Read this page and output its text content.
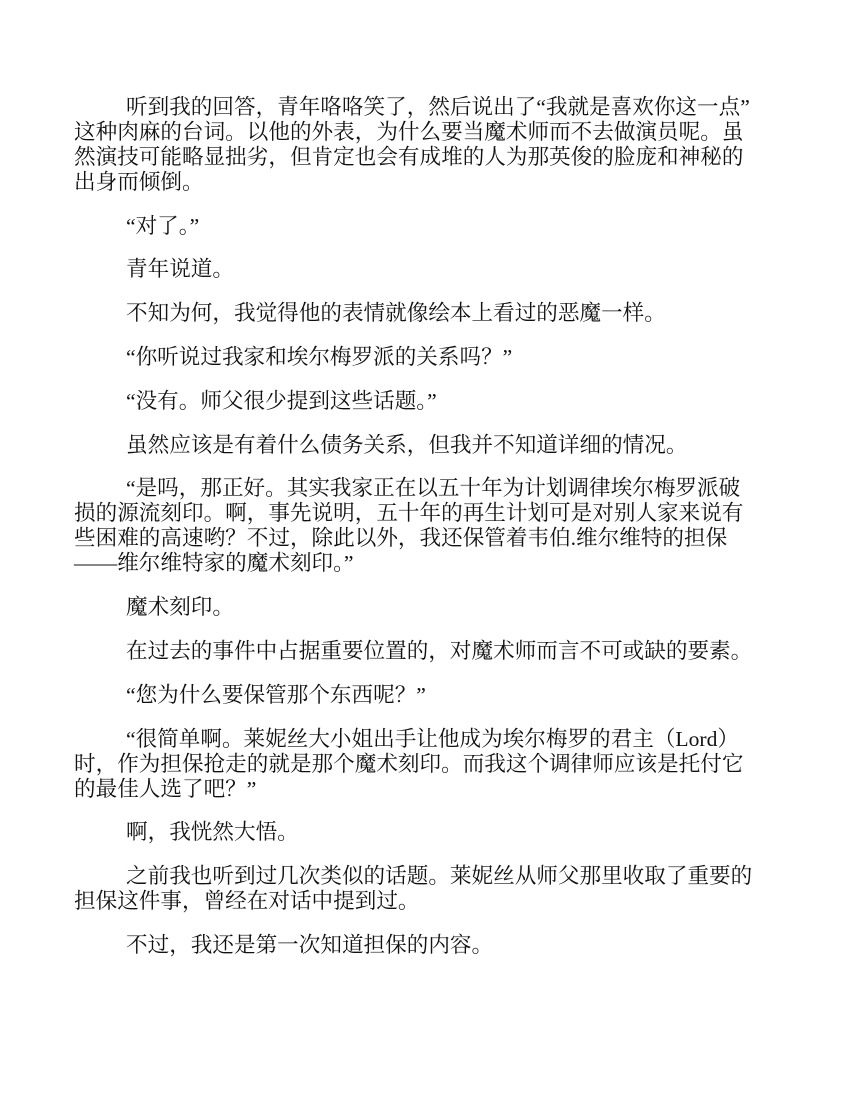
听到我的回答，青年咯咯笑了，然后说出了“我就是喜欢你这一点”这种肉麻的台词。以他的外表，为什么要当魔术师而不去做演员呢。虽然演技可能略显拙劣，但肯定也会有成堆的人为那英俊的脸庞和神秘的出身而倾倒。

“对了。”

青年说道。

不知为何，我觉得他的表情就像绘本上看过的恶魔一样。

“你听说过我家和埃尔梅罗派的关系吗？”

“没有。师父很少提到这些话题。”

虽然应该是有着什么债务关系，但我并不知道详细的情况。

“是吗，那正好。其实我家正在以五十年为计划调律埃尔梅罗派破损的源流刻印。啊，事先说明，五十年的再生计划可是对别人家来说有些困难的高速哟？不过，除此以外，我还保管着韦伯.维尔维特的担保——维尔维特家的魔术刻印。”

魔术刻印。

在过去的事件中占据重要位置的，对魔术师而言不可或缺的要素。

“您为什么要保管那个东西呢？”

“很简单啊。莱妮丝大小姐出手让他成为埃尔梅罗的君主（Lord）时，作为担保抢走的就是那个魔术刻印。而我这个调律师应该是托付它的最佳人选了吧？”

啊，我恍然大悟。

之前我也听到过几次类似的话题。莱妮丝从师父那里收取了重要的担保这件事，曾经在对话中提到过。

不过，我还是第一次知道担保的内容。
